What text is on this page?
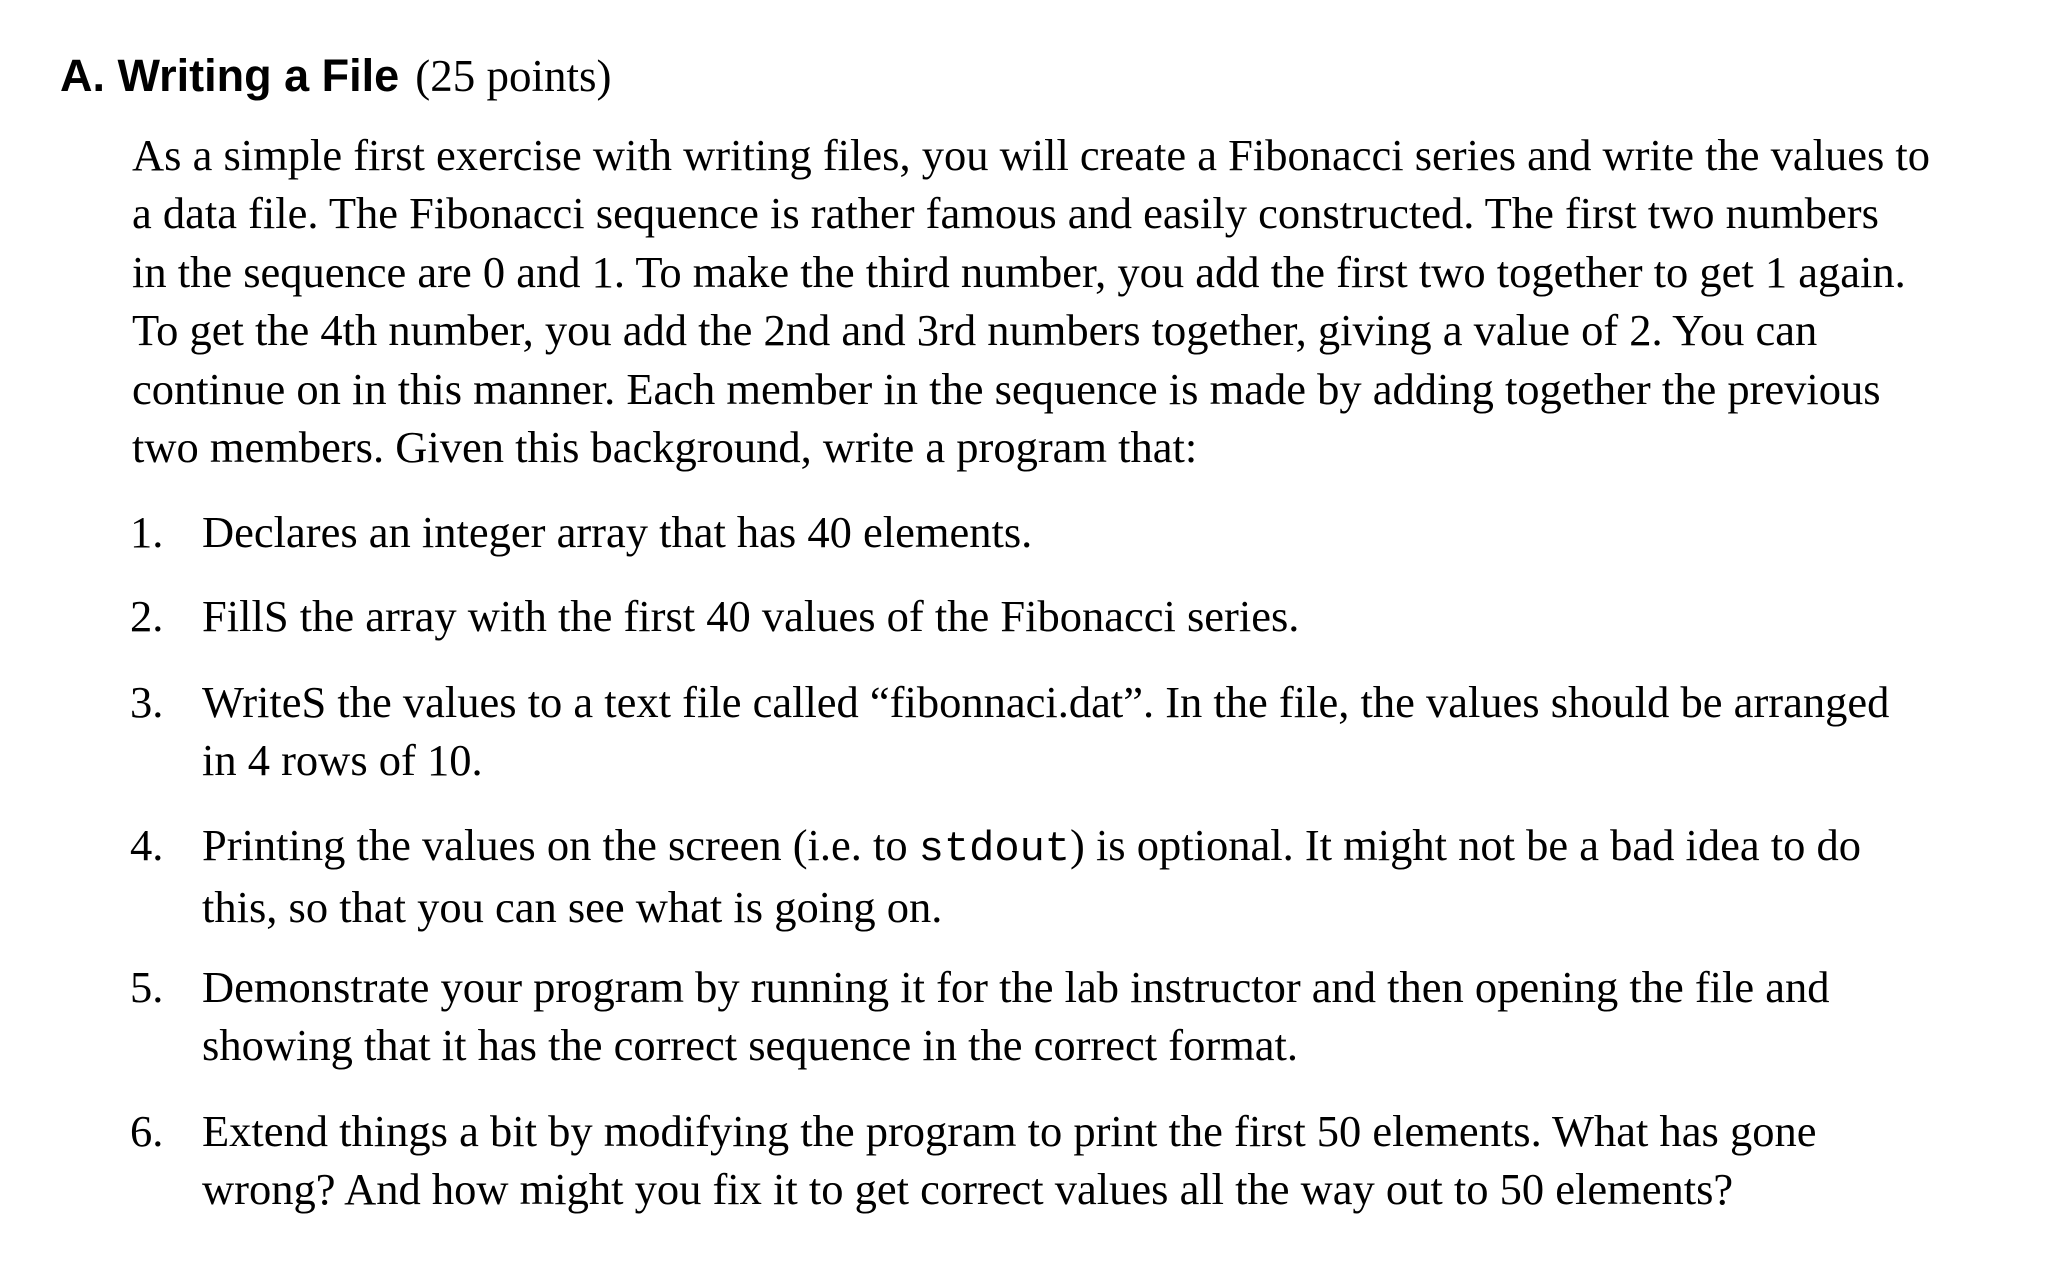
A. Writing a File (25 points)
As a simple first exercise with writing files, you will create a Fibonacci series and write the values to
a data file. The Fibonacci sequence is rather famous and easily constructed. The first two numbers
in the sequence are 0 and 1. To make the third number, you add the first two together to get 1 again.
To get the 4th number, you add the 2nd and 3rd numbers together, giving a value of 2. You can
continue on in this manner. Each member in the sequence is made by adding together the previous
two members. Given this background, write a program that:
1. Declares an integer array that has 40 elements.
2. FillS the array with the first 40 values of the Fibonacci series.
3. WriteS the values to a text file called “fibonnaci.dat”. In the file, the values should be arranged
in 4 rows of 10.
4. Printing the values on the screen (i.e. to stdout) is optional. It might not be a bad idea to do
this, so that you can see what is going on.
5. Demonstrate your program by running it for the lab instructor and then opening the file and
showing that it has the correct sequence in the correct format.
6. Extend things a bit by modifying the program to print the first 50 elements. What has gone
wrong? And how might you fix it to get correct values all the way out to 50 elements?
